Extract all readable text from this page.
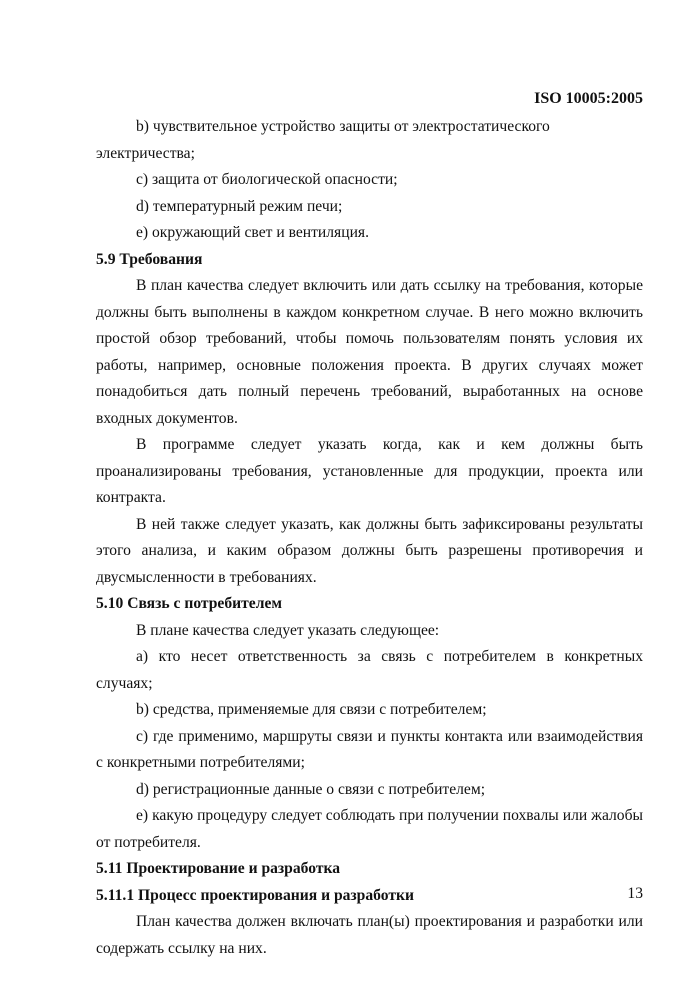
ISO 10005:2005

b) чувствительное устройство защиты от электростатического электричества;

c) защита от биологической опасности;

d) температурный режим печи;

e) окружающий свет и вентиляция.

5.9 Требования

В план качества следует включить или дать ссылку на требования, которые должны быть выполнены в каждом конкретном случае. В него можно включить простой обзор требований, чтобы помочь пользователям понять условия их работы, например, основные положения проекта. В других случаях может понадобиться дать полный перечень требований, выработанных на основе входных документов.

В программе следует указать когда, как и кем должны быть проанализированы требования, установленные для продукции, проекта или контракта.

В ней также следует указать, как должны быть зафиксированы результаты этого анализа, и каким образом должны быть разрешены противоречия и двусмысленности в требованиях.

5.10 Связь с потребителем

В плане качества следует указать следующее:

a) кто несет ответственность за связь с потребителем в конкретных случаях;

b) средства, применяемые для связи с потребителем;

c) где применимо, маршруты связи и пункты контакта или взаимодействия с конкретными потребителями;

d) регистрационные данные о связи с потребителем;

e) какую процедуру следует соблюдать при получении похвалы или жалобы от потребителя.

5.11 Проектирование и разработка
5.11.1 Процесс проектирования и разработки

План качества должен включать план(ы) проектирования и разработки или содержать ссылку на них.

13
